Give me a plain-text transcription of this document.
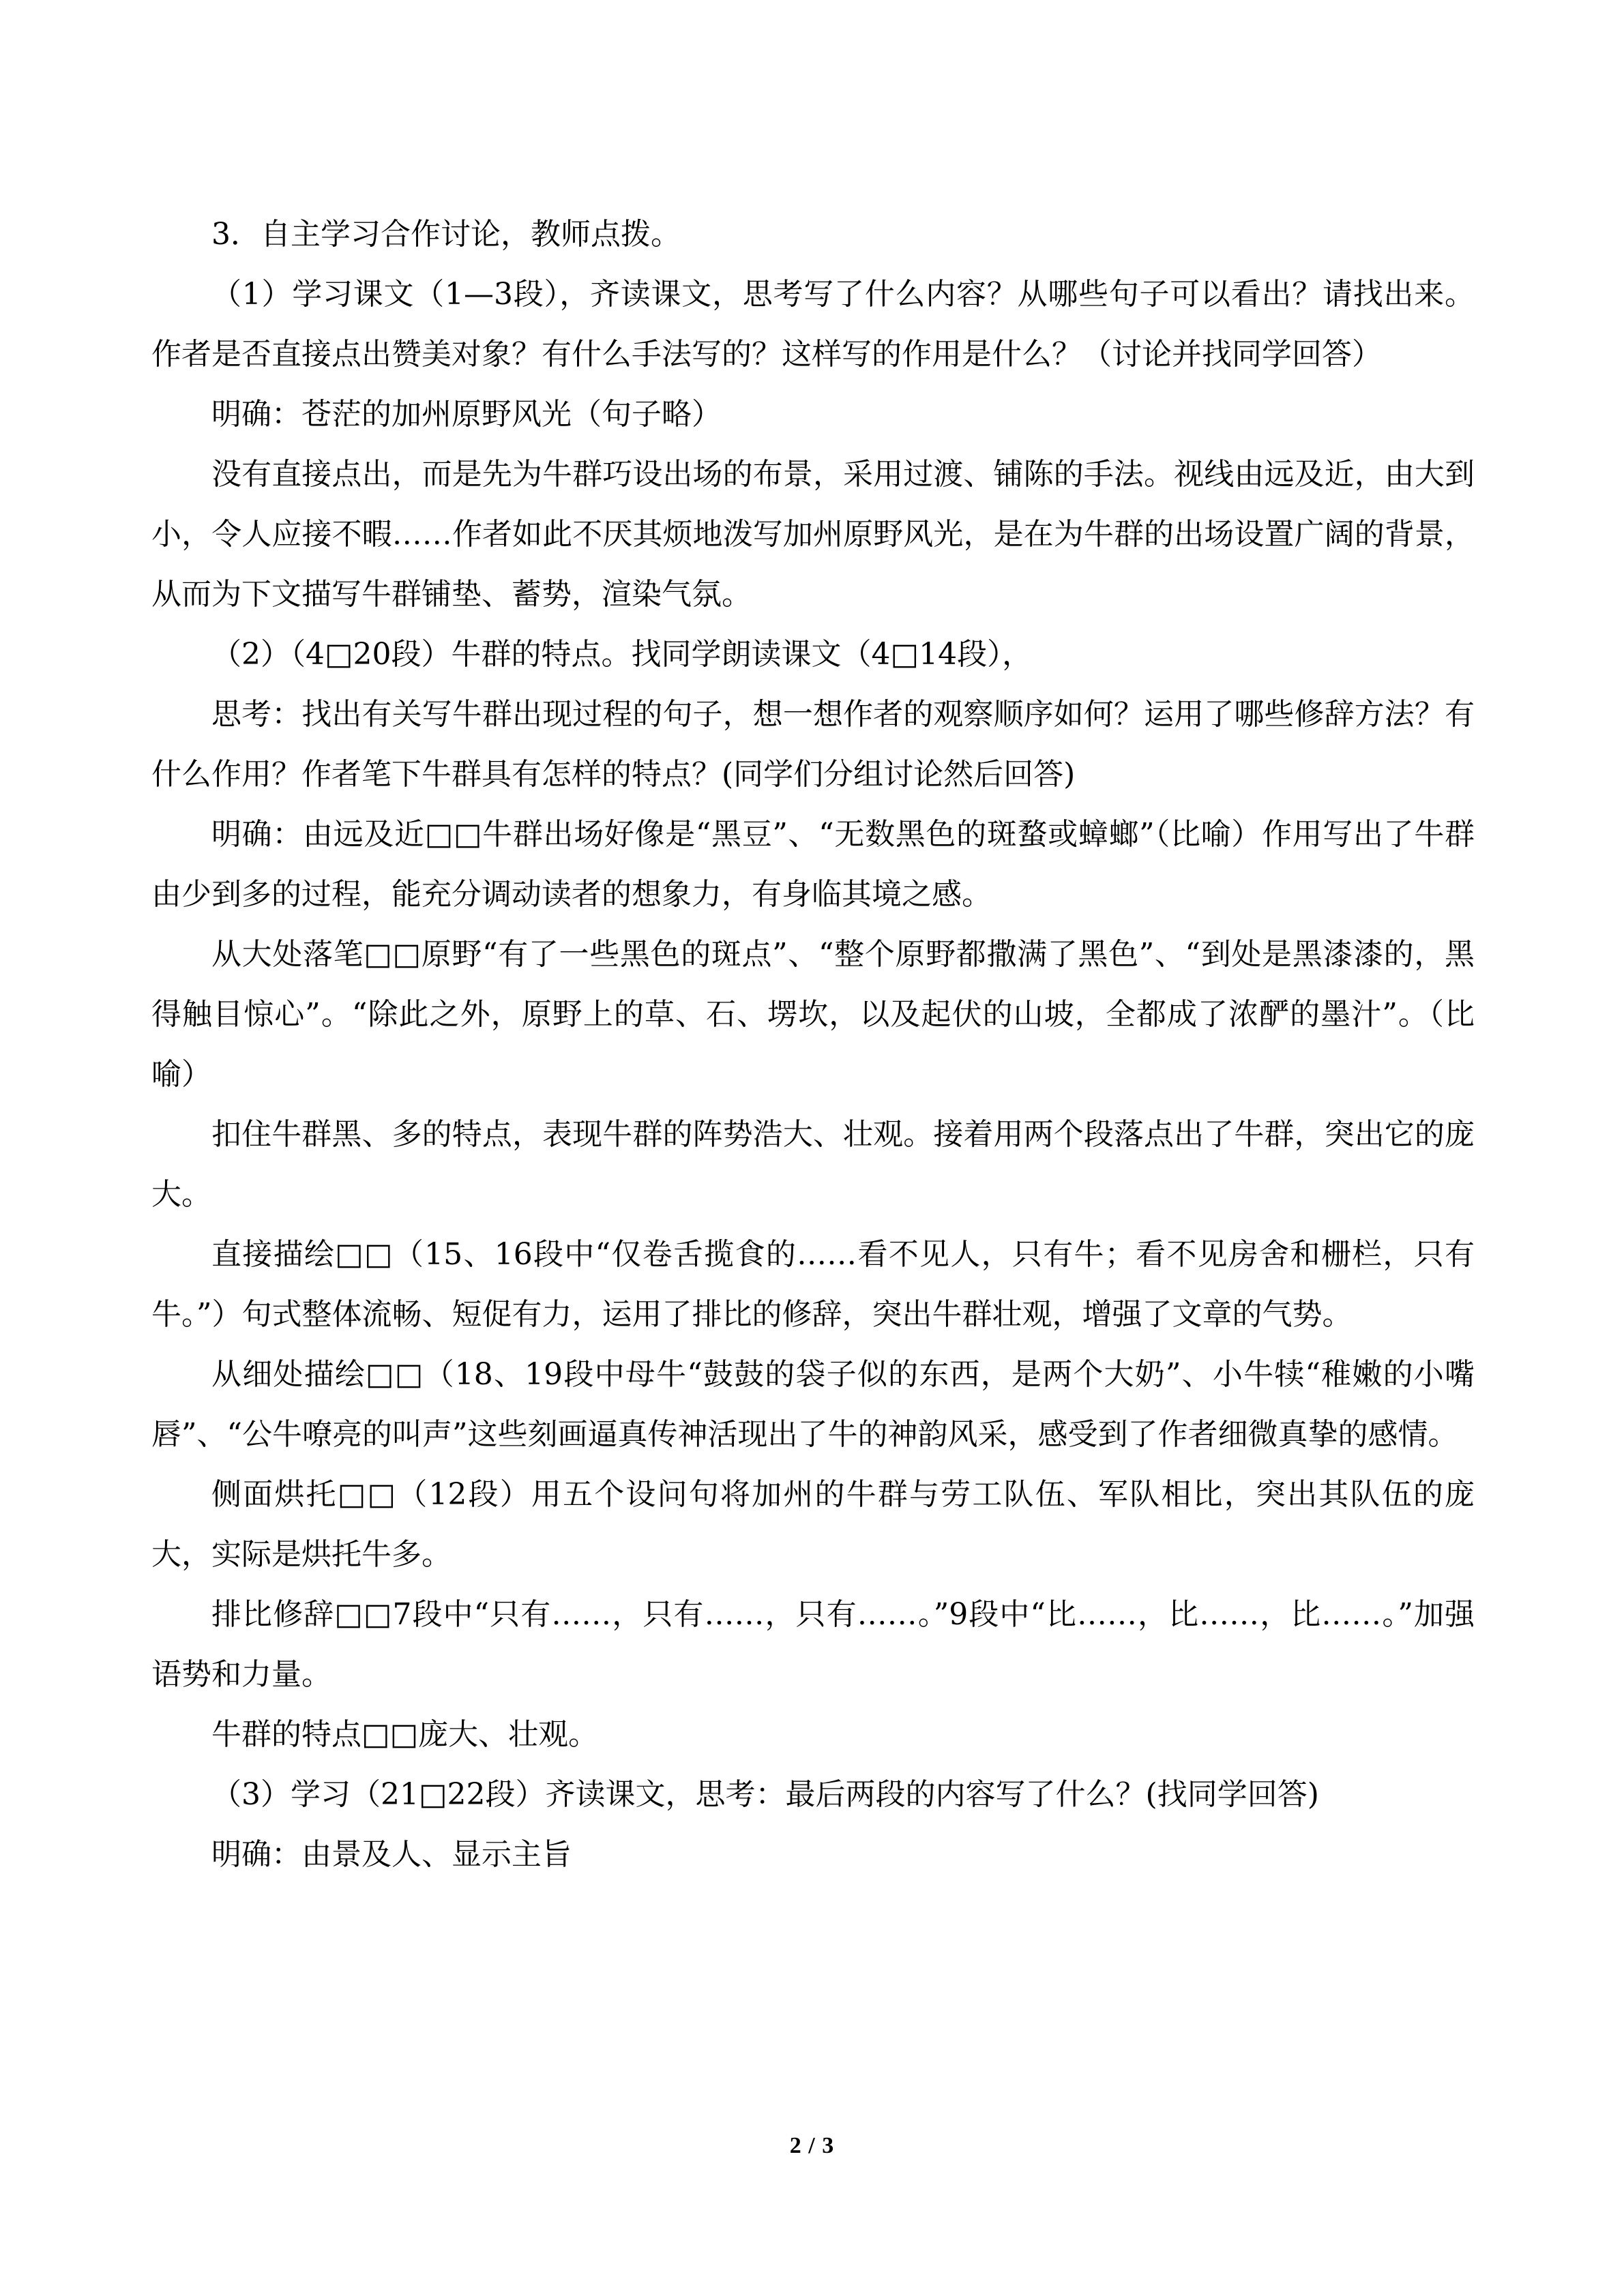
3．自主学习合作讨论，教师点拨。

（1）学习课文（1—3段），齐读课文，思考写了什么内容？从哪些句子可以看出？请找出来。作者是否直接点出赞美对象？有什么手法写的？这样写的作用是什么？（讨论并找同学回答）

明确：苍茫的加州原野风光（句子略）

没有直接点出，而是先为牛群巧设出场的布景，采用过渡、铺陈的手法。视线由远及近，由大到小，令人应接不暇……作者如此不厌其烦地泼写加州原野风光，是在为牛群的出场设置广阔的背景，从而为下文描写牛群铺垫、蓄势，渲染气氛。

（2）（4□20段）牛群的特点。找同学朗读课文（4□14段），

思考：找出有关写牛群出现过程的句子，想一想作者的观察顺序如何？运用了哪些修辞方法？有什么作用？作者笔下牛群具有怎样的特点？(同学们分组讨论然后回答)

明确：由远及近□□牛群出场好像是“黑豆”、“无数黑色的斑蝥或蟑螂”（比喻）作用写出了牛群由少到多的过程，能充分调动读者的想象力，有身临其境之感。

从大处落笔□□原野“有了一些黑色的斑点”、“整个原野都撒满了黑色”、“到处是黑漆漆的，黑得触目惊心”。“除此之外，原野上的草、石、塄坎，以及起伏的山坡，全都成了浓酽的墨汁”。（比喻）

扣住牛群黑、多的特点，表现牛群的阵势浩大、壮观。接着用两个段落点出了牛群，突出它的庞大。

直接描绘□□（15、16段中“仅卷舌揽食的……看不见人，只有牛；看不见房舍和栅栏，只有牛。”）句式整体流畅、短促有力，运用了排比的修辞，突出牛群壮观，增强了文章的气势。

从细处描绘□□（18、19段中母牛“鼓鼓的袋子似的东西，是两个大奶”、小牛犊“稚嫩的小嘴唇”、“公牛嘹亮的叫声”这些刻画逼真传神活现出了牛的神韵风采，感受到了作者细微真挚的感情。

侧面烘托□□（12段）用五个设问句将加州的牛群与劳工队伍、军队相比，突出其队伍的庞大，实际是烘托牛多。

排比修辞□□7段中“只有……，只有……，只有……。”9段中“比……，比……，比……。”加强语势和力量。

牛群的特点□□庞大、壮观。

（3）学习（21□22段）齐读课文，思考：最后两段的内容写了什么？(找同学回答)

明确：由景及人、显示主旨

2 / 3
